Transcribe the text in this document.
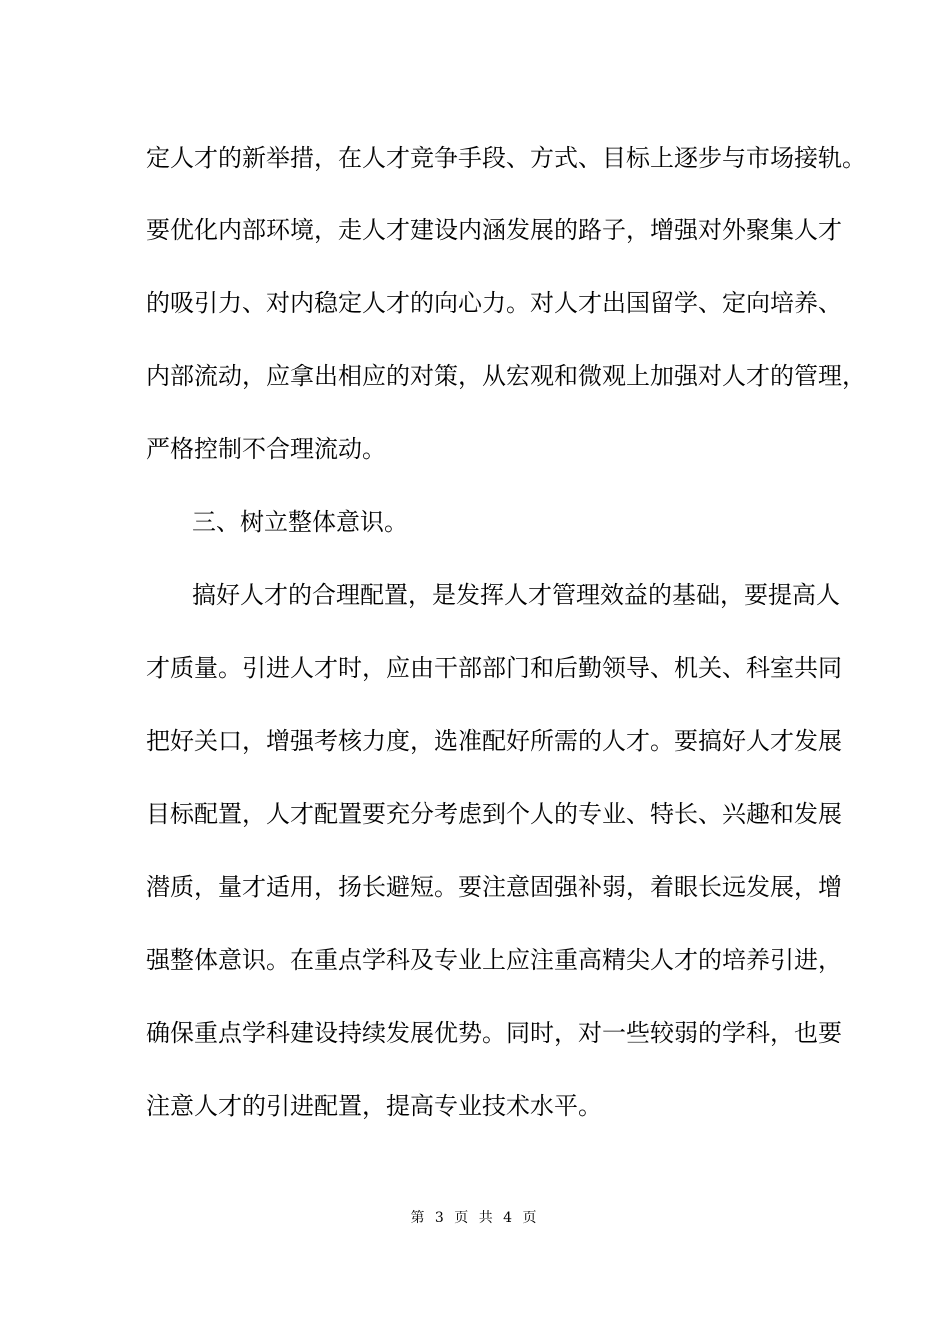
定人才的新举措，在人才竞争手段、方式、目标上逐步与市场接轨。
要优化内部环境，走人才建设内涵发展的路子，增强对外聚集人才
的吸引力、对内稳定人才的向心力。对人才出国留学、定向培养、
内部流动，应拿出相应的对策，从宏观和微观上加强对人才的管理，
严格控制不合理流动。
三、树立整体意识。
搞好人才的合理配置，是发挥人才管理效益的基础，要提高人
才质量。引进人才时，应由干部部门和后勤领导、机关、科室共同
把好关口，增强考核力度，选准配好所需的人才。要搞好人才发展
目标配置，人才配置要充分考虑到个人的专业、特长、兴趣和发展
潜质，量才适用，扬长避短。要注意固强补弱，着眼长远发展，增
强整体意识。在重点学科及专业上应注重高精尖人才的培养引进，
确保重点学科建设持续发展优势。同时，对一些较弱的学科，也要
注意人才的引进配置，提高专业技术水平。
第 3 页 共 4 页
